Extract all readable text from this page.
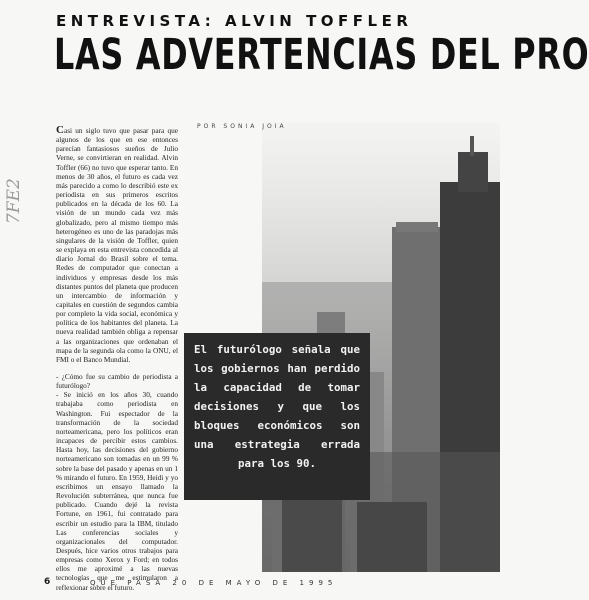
ENTREVISTA: ALVIN TOFFLER
LAS ADVERTENCIAS DEL PRO
POR SONIA JOIA
7FE2

Casi un siglo tuvo que pasar para que algunos de los que en ese entonces parecían fantasiosos sueños de Julio Verne, se convirtieran en realidad. Alvin Toffler (66) no tuvo que esperar tanto. En menos de 30 años, el futuro es cada vez más parecido a como lo describió este ex periodista en sus primeros escritos publicados en la década de los 60. La visión de un mundo cada vez más globalizado, pero al mismo tiempo más heterogéneo es uno de las paradojas más singulares de la visión de Toffler, quien se explaya en esta entrevista concedida al diario Jornal do Brasil sobre el tema. Redes de computador que conectan a individuos y empresas desde los más distantes puntos del planeta que producen un intercambio de información y capitales en cuestión de segundos cambia por completo la vida social, económica y política de los habitantes del planeta. La nueva realidad también obliga a repensar a las organizaciones que ordenaban el mapa de la segunda ola como la ONU, el FMI o el Banco Mundial.

- ¿Cómo fue su cambio de periodista a futurólogo?

- Se inició en los años 30, cuando trabajaba como periodista en Washington. Fui espectador de la transformación de la sociedad norteamericana, pero los políticos eran incapaces de percibir estos cambios. Hasta hoy, las decisiones del gobierno norteamericano son tomadas en un 99 % sobre la base del pasado y apenas en un 1 % mirando el futuro. En 1959, Heidi y yo escribimos un ensayo llamado la Revolución subterránea, que nunca fue publicado. Cuando dejé la revista Fortune, en 1961, fui contratado para escribir un estudio para la IBM, titulado Las conferencias sociales y organizacionales del computador. Después, hice varios otros trabajos para empresas como Xerox y Ford; en todos ellos me aproximé a las nuevas tecnologías que me estimularon a reflexionar sobre el futuro.

El futurólogo señala que los gobiernos han perdido la capacidad de tomar decisiones y que los bloques económicos son una estrategia errada para los 90.
6	QUE PASA 20 DE MAYO DE 1995
